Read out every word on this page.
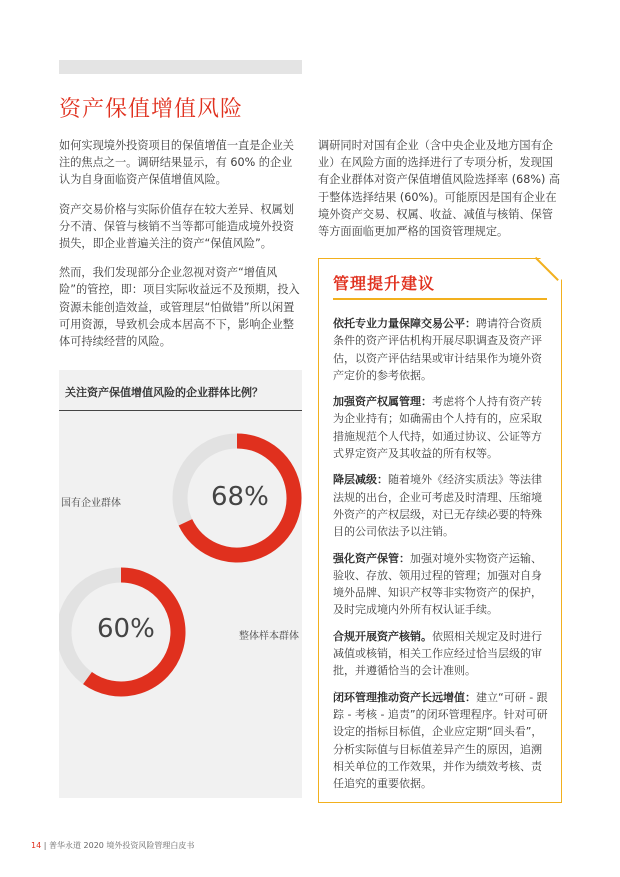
资产保值增值风险

如何实现境外投资项目的保值增值一直是企业关注的焦点之一。调研结果显示，有 60% 的企业认为自身面临资产保值增值风险。

资产交易价格与实际价值存在较大差异、权属划分不清、保管与核销不当等都可能造成境外投资损失，即企业普遍关注的资产“保值风险”。

然而，我们发现部分企业忽视对资产“增值风险”的管控，即：项目实际收益远不及预期，投入资源未能创造效益，或管理层“怕做错”所以闲置可用资源，导致机会成本居高不下，影响企业整体可持续经营的风险。

调研同时对国有企业（含中央企业及地方国有企业）在风险方面的选择进行了专项分析，发现国有企业群体对资产保值增值风险选择率 (68%) 高于整体选择结果 (60%)。可能原因是国有企业在境外资产交易、权属、收益、减值与核销、保管等方面面临更加严格的国资管理规定。

关注资产保值增值风险的企业群体比例？
国有企业群体	68%
整体样本群体
60%
管理提升建议

依托专业力量保障交易公平：聘请符合资质条件的资产评估机构开展尽职调查及资产评估，以资产评估结果或审计结果作为境外资产定价的参考依据。

加强资产权属管理：考虑将个人持有资产转为企业持有；如确需由个人持有的，应采取措施规范个人代持，如通过协议、公证等方式界定资产及其收益的所有权等。

降层减级：随着境外《经济实质法》等法律法规的出台，企业可考虑及时清理、压缩境外资产的产权层级，对已无存续必要的特殊目的公司依法予以注销。

强化资产保管：加强对境外实物资产运输、验收、存放、领用过程的管理；加强对自身境外品牌、知识产权等非实物资产的保护，及时完成境内外所有权认证手续。

合规开展资产核销。依照相关规定及时进行减值或核销，相关工作应经过恰当层级的审批，并遵循恰当的会计准则。

闭环管理推动资产长远增值：建立“可研 - 跟踪 - 考核 - 追责”的闭环管理程序。针对可研设定的指标目标值，企业应定期“回头看”，分析实际值与目标值差异产生的原因，追溯相关单位的工作效果，并作为绩效考核、责任追究的重要依据。

14 | 普华永道 2020 境外投资风险管理白皮书
